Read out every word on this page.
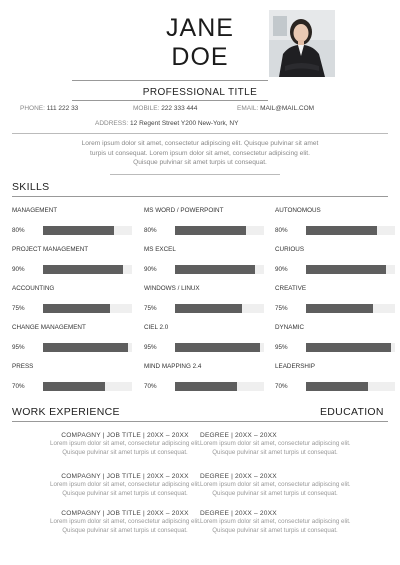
JANE
DOE
PROFESSIONAL TITLE
PHONE: 111 222 33	MOBILE: 222 333 444	EMAIL: MAIL@MAIL.COM
ADDRESS: 12 Regent Street Y200 New-York, NY
Lorem ipsum dolor sit amet, consectetur adipiscing elit. Quisque pulvinar sit amet
turpis ut consequat. Lorem ipsum dolor sit amet, consectetur adipiscing elit.
Quisque pulvinar sit amet turpis ut consequat.
SKILLS
MANAGEMENT
80%
MS WORD / POWERPOINT
80%
AUTONOMOUS
80%
PROJECT MANAGEMENT
90%
MS EXCEL
90%
CURIOUS
90%
ACCOUNTING
75%
WINDOWS / LINUX
75%
CREATIVE
75%
CHANGE MANAGEMENT
95%
CIEL 2.0
95%
DYNAMIC
95%
PRESS
70%
MIND MAPPING 2.4
70%
LEADERSHIP
70%
WORK EXPERIENCE	EDUCATION
COMPAGNY | JOB TITLE | 20XX – 20XX
Lorem ipsum dolor sit amet, consectetur adipiscing elit.
Quisque pulvinar sit amet turpis ut consequat.
COMPAGNY | JOB TITLE | 20XX – 20XX
Lorem ipsum dolor sit amet, consectetur adipiscing elit.
Quisque pulvinar sit amet turpis ut consequat.
COMPAGNY | JOB TITLE | 20XX – 20XX
Lorem ipsum dolor sit amet, consectetur adipiscing elit.
Quisque pulvinar sit amet turpis ut consequat.
DEGREE | 20XX – 20XX
Lorem ipsum dolor sit amet, consectetur adipiscing elit.
Quisque pulvinar sit amet turpis ut consequat.
DEGREE | 20XX – 20XX
Lorem ipsum dolor sit amet, consectetur adipiscing elit.
Quisque pulvinar sit amet turpis ut consequat.
DEGREE | 20XX – 20XX
Lorem ipsum dolor sit amet, consectetur adipiscing elit.
Quisque pulvinar sit amet turpis ut consequat.
